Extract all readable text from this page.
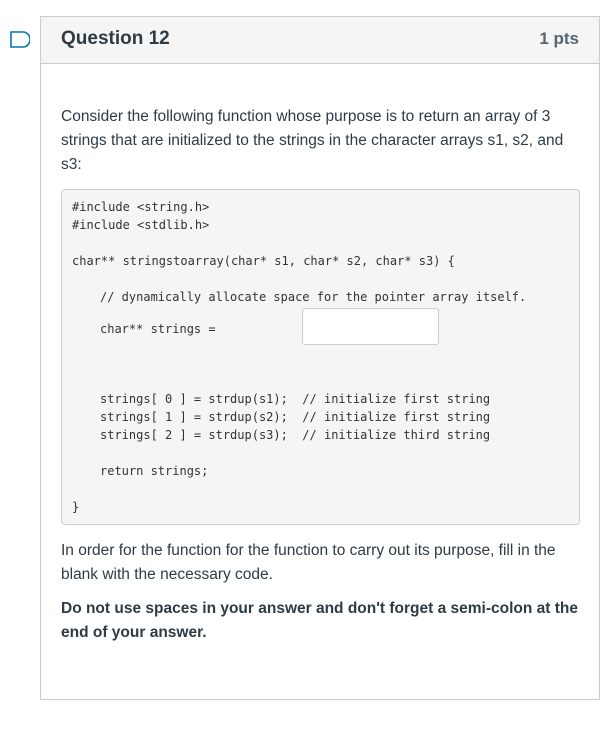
Question 12	1 pts

Consider the following function whose purpose is to return an array of 3 strings that are initialized to the strings in the character arrays s1, s2, and s3:

#include <string.h>
#include <stdlib.h>
char** stringstoarray(char* s1, char* s2, char* s3) {
// dynamically allocate space for the pointer array itself.
char** strings =
strings[ 0 ] = strdup(s1);  // initialize first string
strings[ 1 ] = strdup(s2);  // initialize first string
strings[ 2 ] = strdup(s3);  // initialize third string
return strings;
}

In order for the function for the function to carry out its purpose, fill in the blank with the necessary code.

Do not use spaces in your answer and don't forget a semi-colon at the end of your answer.
